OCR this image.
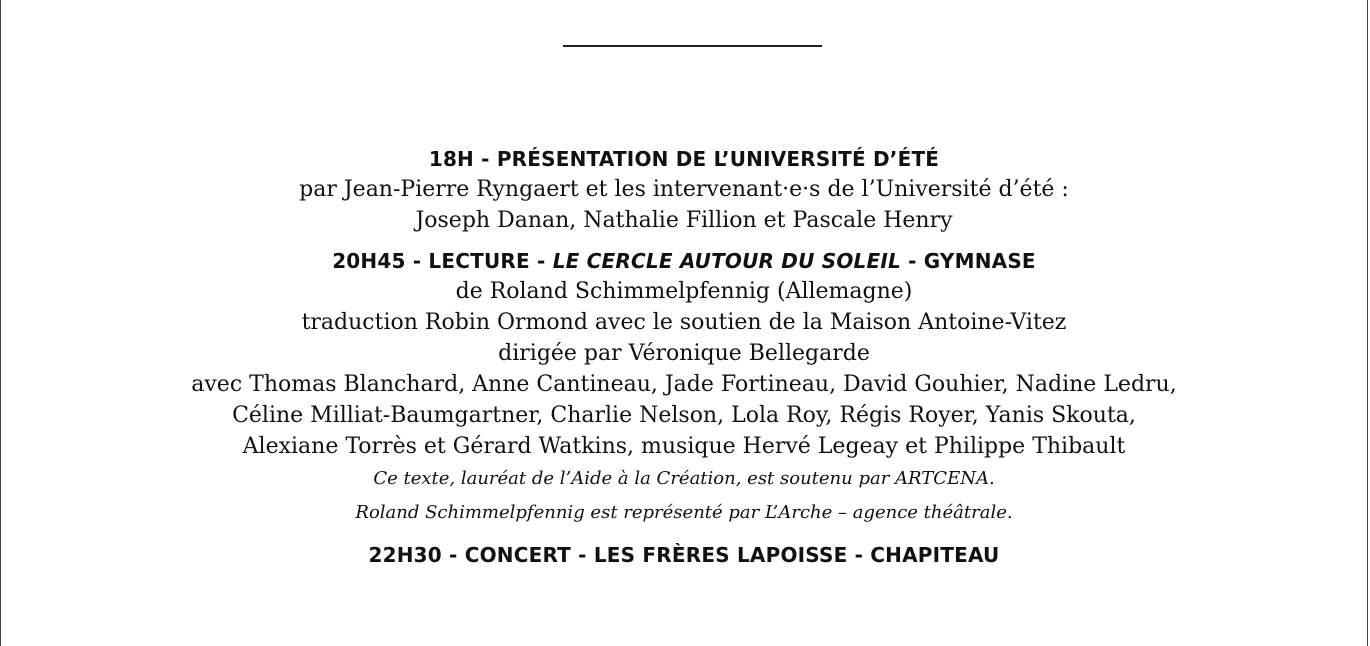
18H - PRÉSENTATION DE L’UNIVERSITÉ D’ÉTÉ

par Jean-Pierre Ryngaert et les intervenant·e·s de l’Université d’été :

Joseph Danan, Nathalie Fillion et Pascale Henry

20H45 - LECTURE - LE CERCLE AUTOUR DU SOLEIL - GYMNASE

de Roland Schimmelpfennig (Allemagne)

traduction Robin Ormond avec le soutien de la Maison Antoine-Vitez

dirigée par Véronique Bellegarde

avec Thomas Blanchard, Anne Cantineau, Jade Fortineau, David Gouhier, Nadine Ledru,

Céline Milliat-Baumgartner, Charlie Nelson, Lola Roy, Régis Royer, Yanis Skouta,

Alexiane Torrès et Gérard Watkins, musique Hervé Legeay et Philippe Thibault

Ce texte, lauréat de l’Aide à la Création, est soutenu par ARTCENA.

Roland Schimmelpfennig est représenté par L’Arche – agence théâtrale.

22H30 - CONCERT - LES FRÈRES LAPOISSE - CHAPITEAU
